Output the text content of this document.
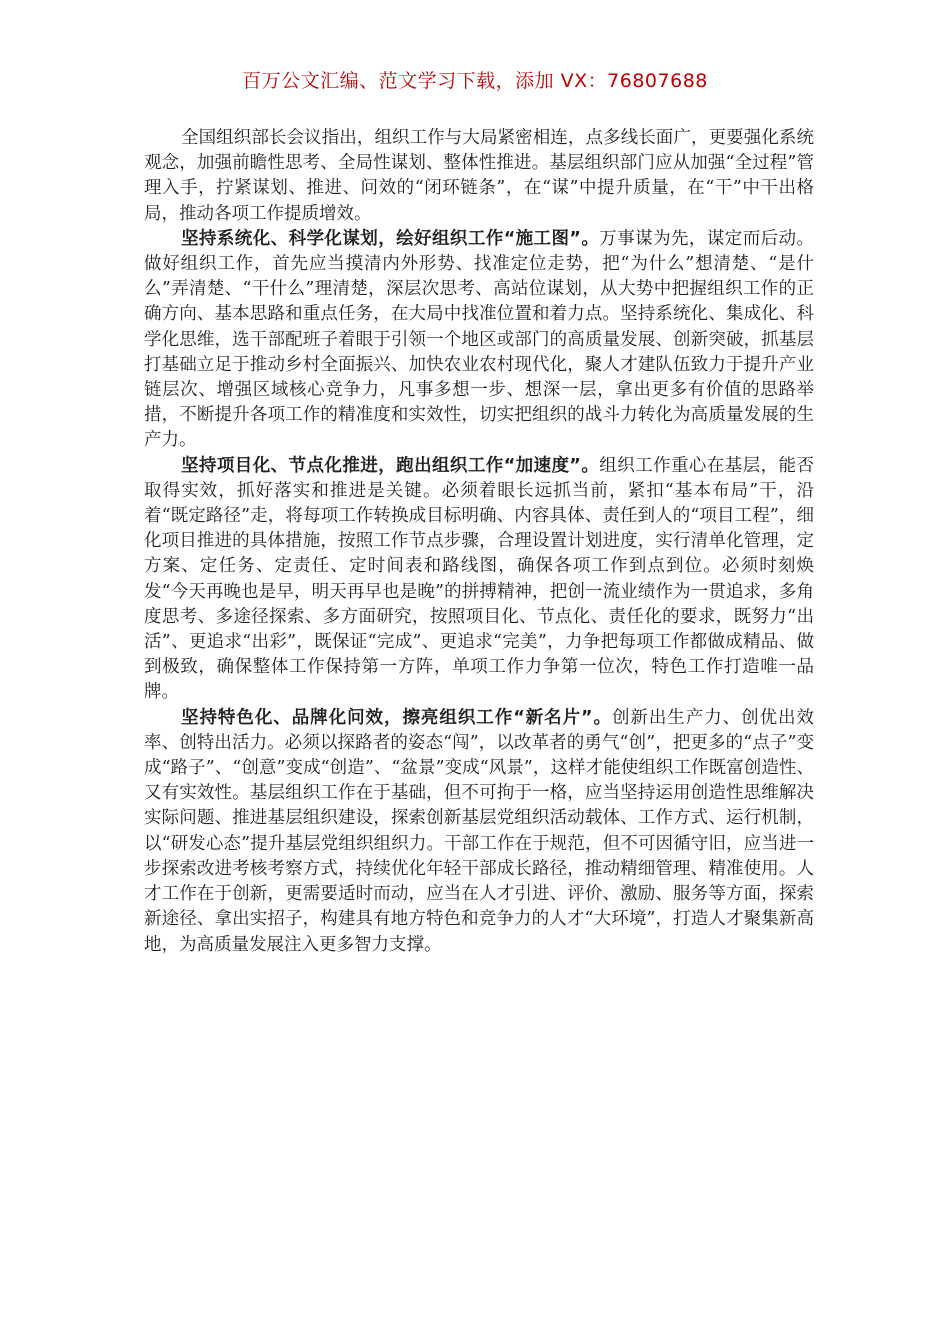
百万公文汇编、范文学习下载，添加 VX：76807688

全国组织部长会议指出，组织工作与大局紧密相连，点多线长面广，更要强化系统观念，加强前瞻性思考、全局性谋划、整体性推进。基层组织部门应从加强“全过程”管理入手，拧紧谋划、推进、问效的“闭环链条”，在“谋”中提升质量，在“干”中干出格局，推动各项工作提质增效。

坚持系统化、科学化谋划，绘好组织工作“施工图”。万事谋为先，谋定而后动。做好组织工作，首先应当摸清内外形势、找准定位走势，把“为什么”想清楚、“是什么”弄清楚、“干什么”理清楚，深层次思考、高站位谋划，从大势中把握组织工作的正确方向、基本思路和重点任务，在大局中找准位置和着力点。坚持系统化、集成化、科学化思维，选干部配班子着眼于引领一个地区或部门的高质量发展、创新突破，抓基层打基础立足于推动乡村全面振兴、加快农业农村现代化，聚人才建队伍致力于提升产业链层次、增强区域核心竞争力，凡事多想一步、想深一层，拿出更多有价值的思路举措，不断提升各项工作的精准度和实效性，切实把组织的战斗力转化为高质量发展的生产力。

坚持项目化、节点化推进，跑出组织工作“加速度”。组织工作重心在基层，能否取得实效，抓好落实和推进是关键。必须着眼长远抓当前，紧扣“基本布局”干，沿着“既定路径”走，将每项工作转换成目标明确、内容具体、责任到人的“项目工程”，细化项目推进的具体措施，按照工作节点步骤，合理设置计划进度，实行清单化管理，定方案、定任务、定责任、定时间表和路线图，确保各项工作到点到位。必须时刻焕发“今天再晚也是早，明天再早也是晚”的拼搏精神，把创一流业绩作为一贯追求，多角度思考、多途径探索、多方面研究，按照项目化、节点化、责任化的要求，既努力“出活”、更追求“出彩”，既保证“完成”、更追求“完美”，力争把每项工作都做成精品、做到极致，确保整体工作保持第一方阵，单项工作力争第一位次，特色工作打造唯一品牌。

坚持特色化、品牌化问效，擦亮组织工作“新名片”。创新出生产力、创优出效率、创特出活力。必须以探路者的姿态“闯”，以改革者的勇气“创”，把更多的“点子”变成“路子”、“创意”变成“创造”、“盆景”变成“风景”，这样才能使组织工作既富创造性、又有实效性。基层组织工作在于基础，但不可拘于一格，应当坚持运用创造性思维解决实际问题、推进基层组织建设，探索创新基层党组织活动载体、工作方式、运行机制，以“研发心态”提升基层党组织组织力。干部工作在于规范，但不可因循守旧，应当进一步探索改进考核考察方式，持续优化年轻干部成长路径，推动精细管理、精准使用。人才工作在于创新，更需要适时而动，应当在人才引进、评价、激励、服务等方面，探索新途径、拿出实招子，构建具有地方特色和竞争力的人才“大环境”，打造人才聚集新高地，为高质量发展注入更多智力支撑。
